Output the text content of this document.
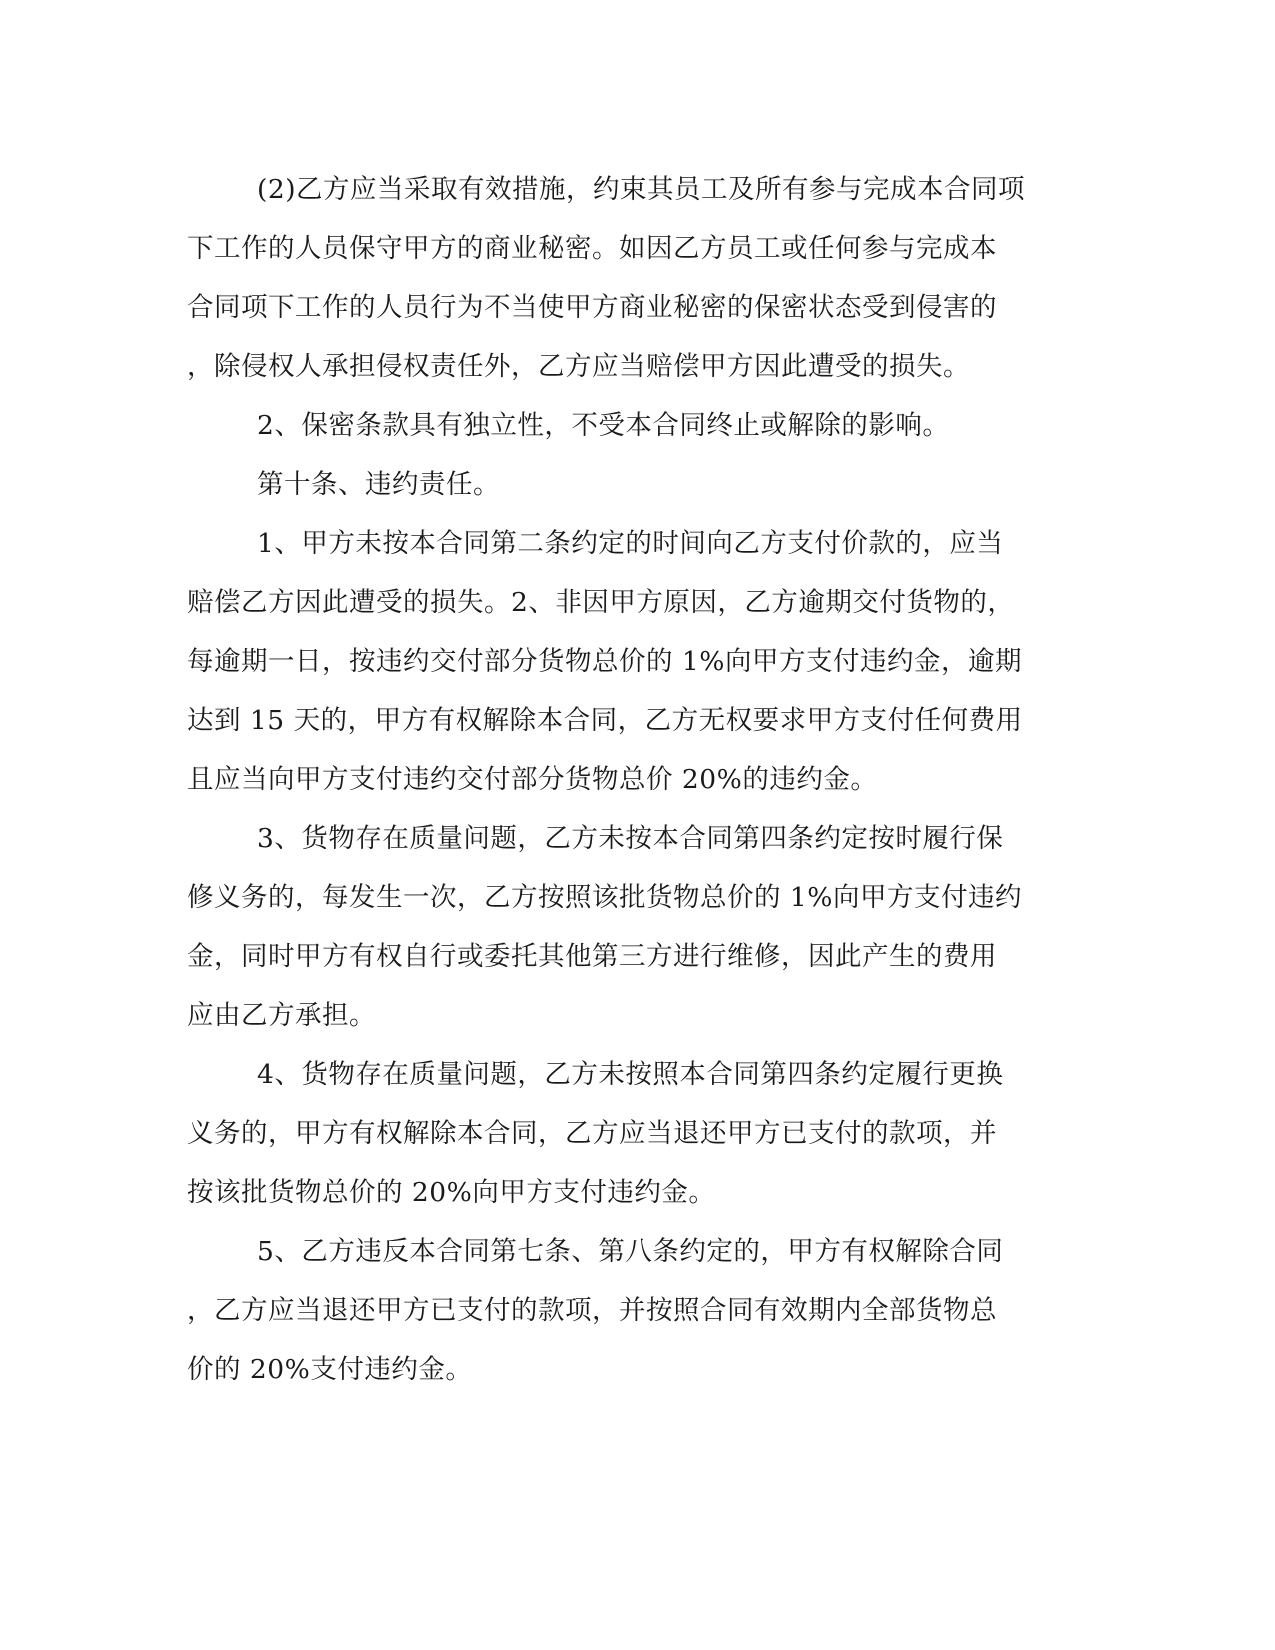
(2)乙方应当采取有效措施，约束其员工及所有参与完成本合同项
下工作的人员保守甲方的商业秘密。如因乙方员工或任何参与完成本
合同项下工作的人员行为不当使甲方商业秘密的保密状态受到侵害的
，除侵权人承担侵权责任外，乙方应当赔偿甲方因此遭受的损失。
2、保密条款具有独立性，不受本合同终止或解除的影响。
第十条、违约责任。
1、甲方未按本合同第二条约定的时间向乙方支付价款的，应当
赔偿乙方因此遭受的损失。2、非因甲方原因，乙方逾期交付货物的，
每逾期一日，按违约交付部分货物总价的 1%向甲方支付违约金，逾期
达到 15 天的，甲方有权解除本合同，乙方无权要求甲方支付任何费用
且应当向甲方支付违约交付部分货物总价 20%的违约金。
3、货物存在质量问题，乙方未按本合同第四条约定按时履行保
修义务的，每发生一次，乙方按照该批货物总价的 1%向甲方支付违约
金，同时甲方有权自行或委托其他第三方进行维修，因此产生的费用
应由乙方承担。
4、货物存在质量问题，乙方未按照本合同第四条约定履行更换
义务的，甲方有权解除本合同，乙方应当退还甲方已支付的款项，并
按该批货物总价的 20%向甲方支付违约金。
5、乙方违反本合同第七条、第八条约定的，甲方有权解除合同
，乙方应当退还甲方已支付的款项，并按照合同有效期内全部货物总
价的 20%支付违约金。
